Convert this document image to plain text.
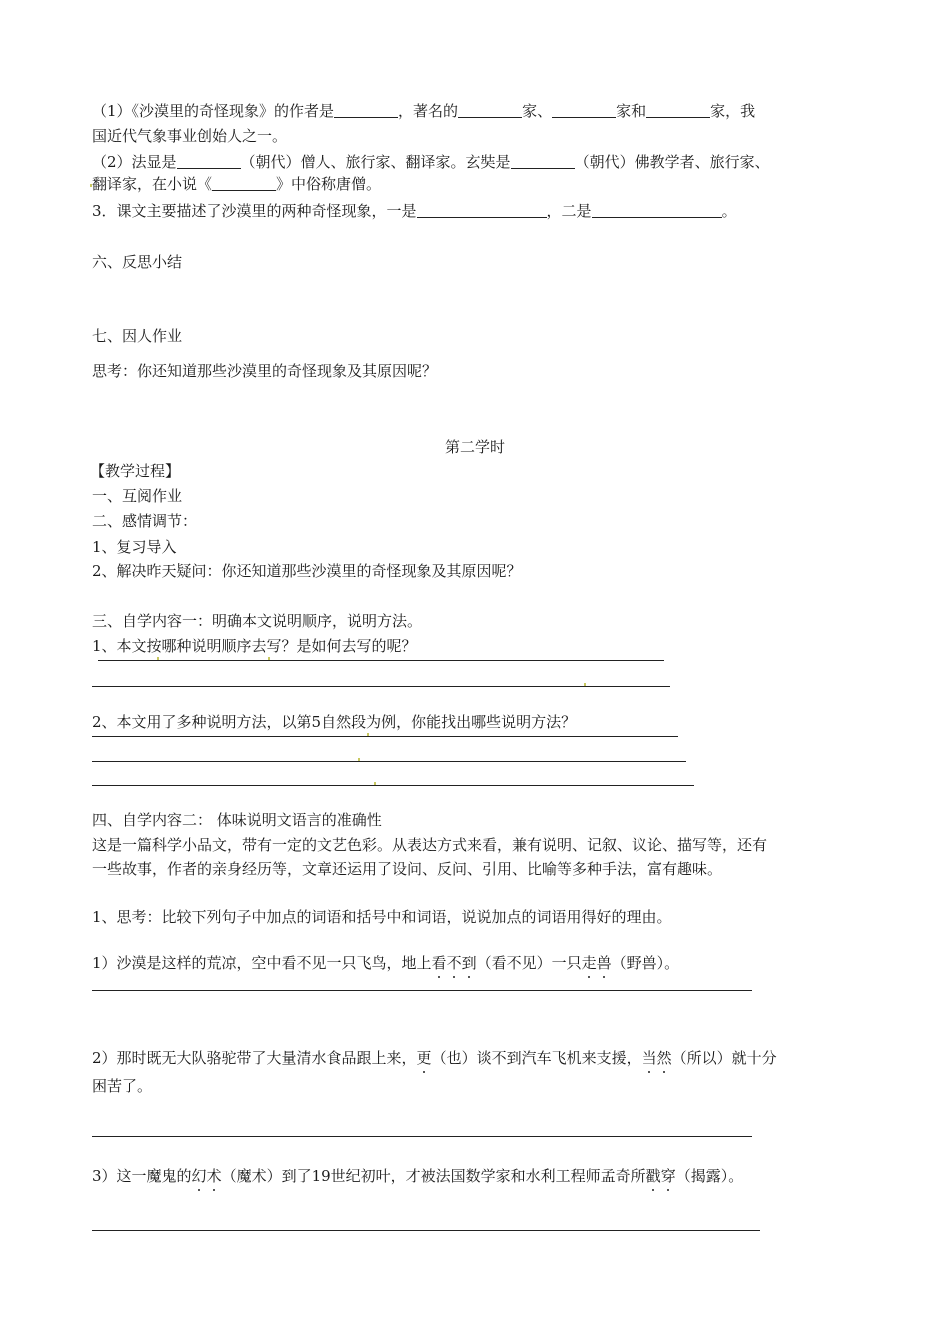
（1）《沙漠里的奇怪现象》的作者是	，著名的	家、	家和	家，我
国近代气象事业创始人之一。
（2）法显是	（朝代）僧人、旅行家、翻译家。玄奘是	（朝代）佛教学者、旅行家、
翻译家，在小说《	》中俗称唐僧。
3．课文主要描述了沙漠里的两种奇怪现象，一是	，二是	。
六、反思小结
七、因人作业
思考：你还知道那些沙漠里的奇怪现象及其原因呢？
第二学时
【教学过程】
一、互阅作业
二、感情调节：
1、复习导入
2、解决昨天疑问：你还知道那些沙漠里的奇怪现象及其原因呢？
三、自学内容一：明确本文说明顺序，说明方法。
1、本文按哪种说明顺序去写？是如何去写的呢？
2、本文用了多种说明方法，以第5自然段为例，你能找出哪些说明方法？
四、自学内容二： 体味说明文语言的准确性
这是一篇科学小品文，带有一定的文艺色彩。从表达方式来看，兼有说明、记叙、议论、描写等，还有
一些故事，作者的亲身经历等，文章还运用了设问、反问、引用、比喻等多种手法，富有趣味。
1、思考：比较下列句子中加点的词语和括号中和词语，说说加点的词语用得好的理由。
1）沙漠是这样的荒凉，空中看不见一只飞鸟，地上看不到（看不见）一只走兽（野兽）。
2）那时既无大队骆驼带了大量清水食品跟上来，更（也）谈不到汽车飞机来支援，当然（所以）就十分
困苦了。
3）这一魔鬼的幻术（魔术）到了19世纪初叶，才被法国数学家和水利工程师孟奇所戳穿（揭露）。
